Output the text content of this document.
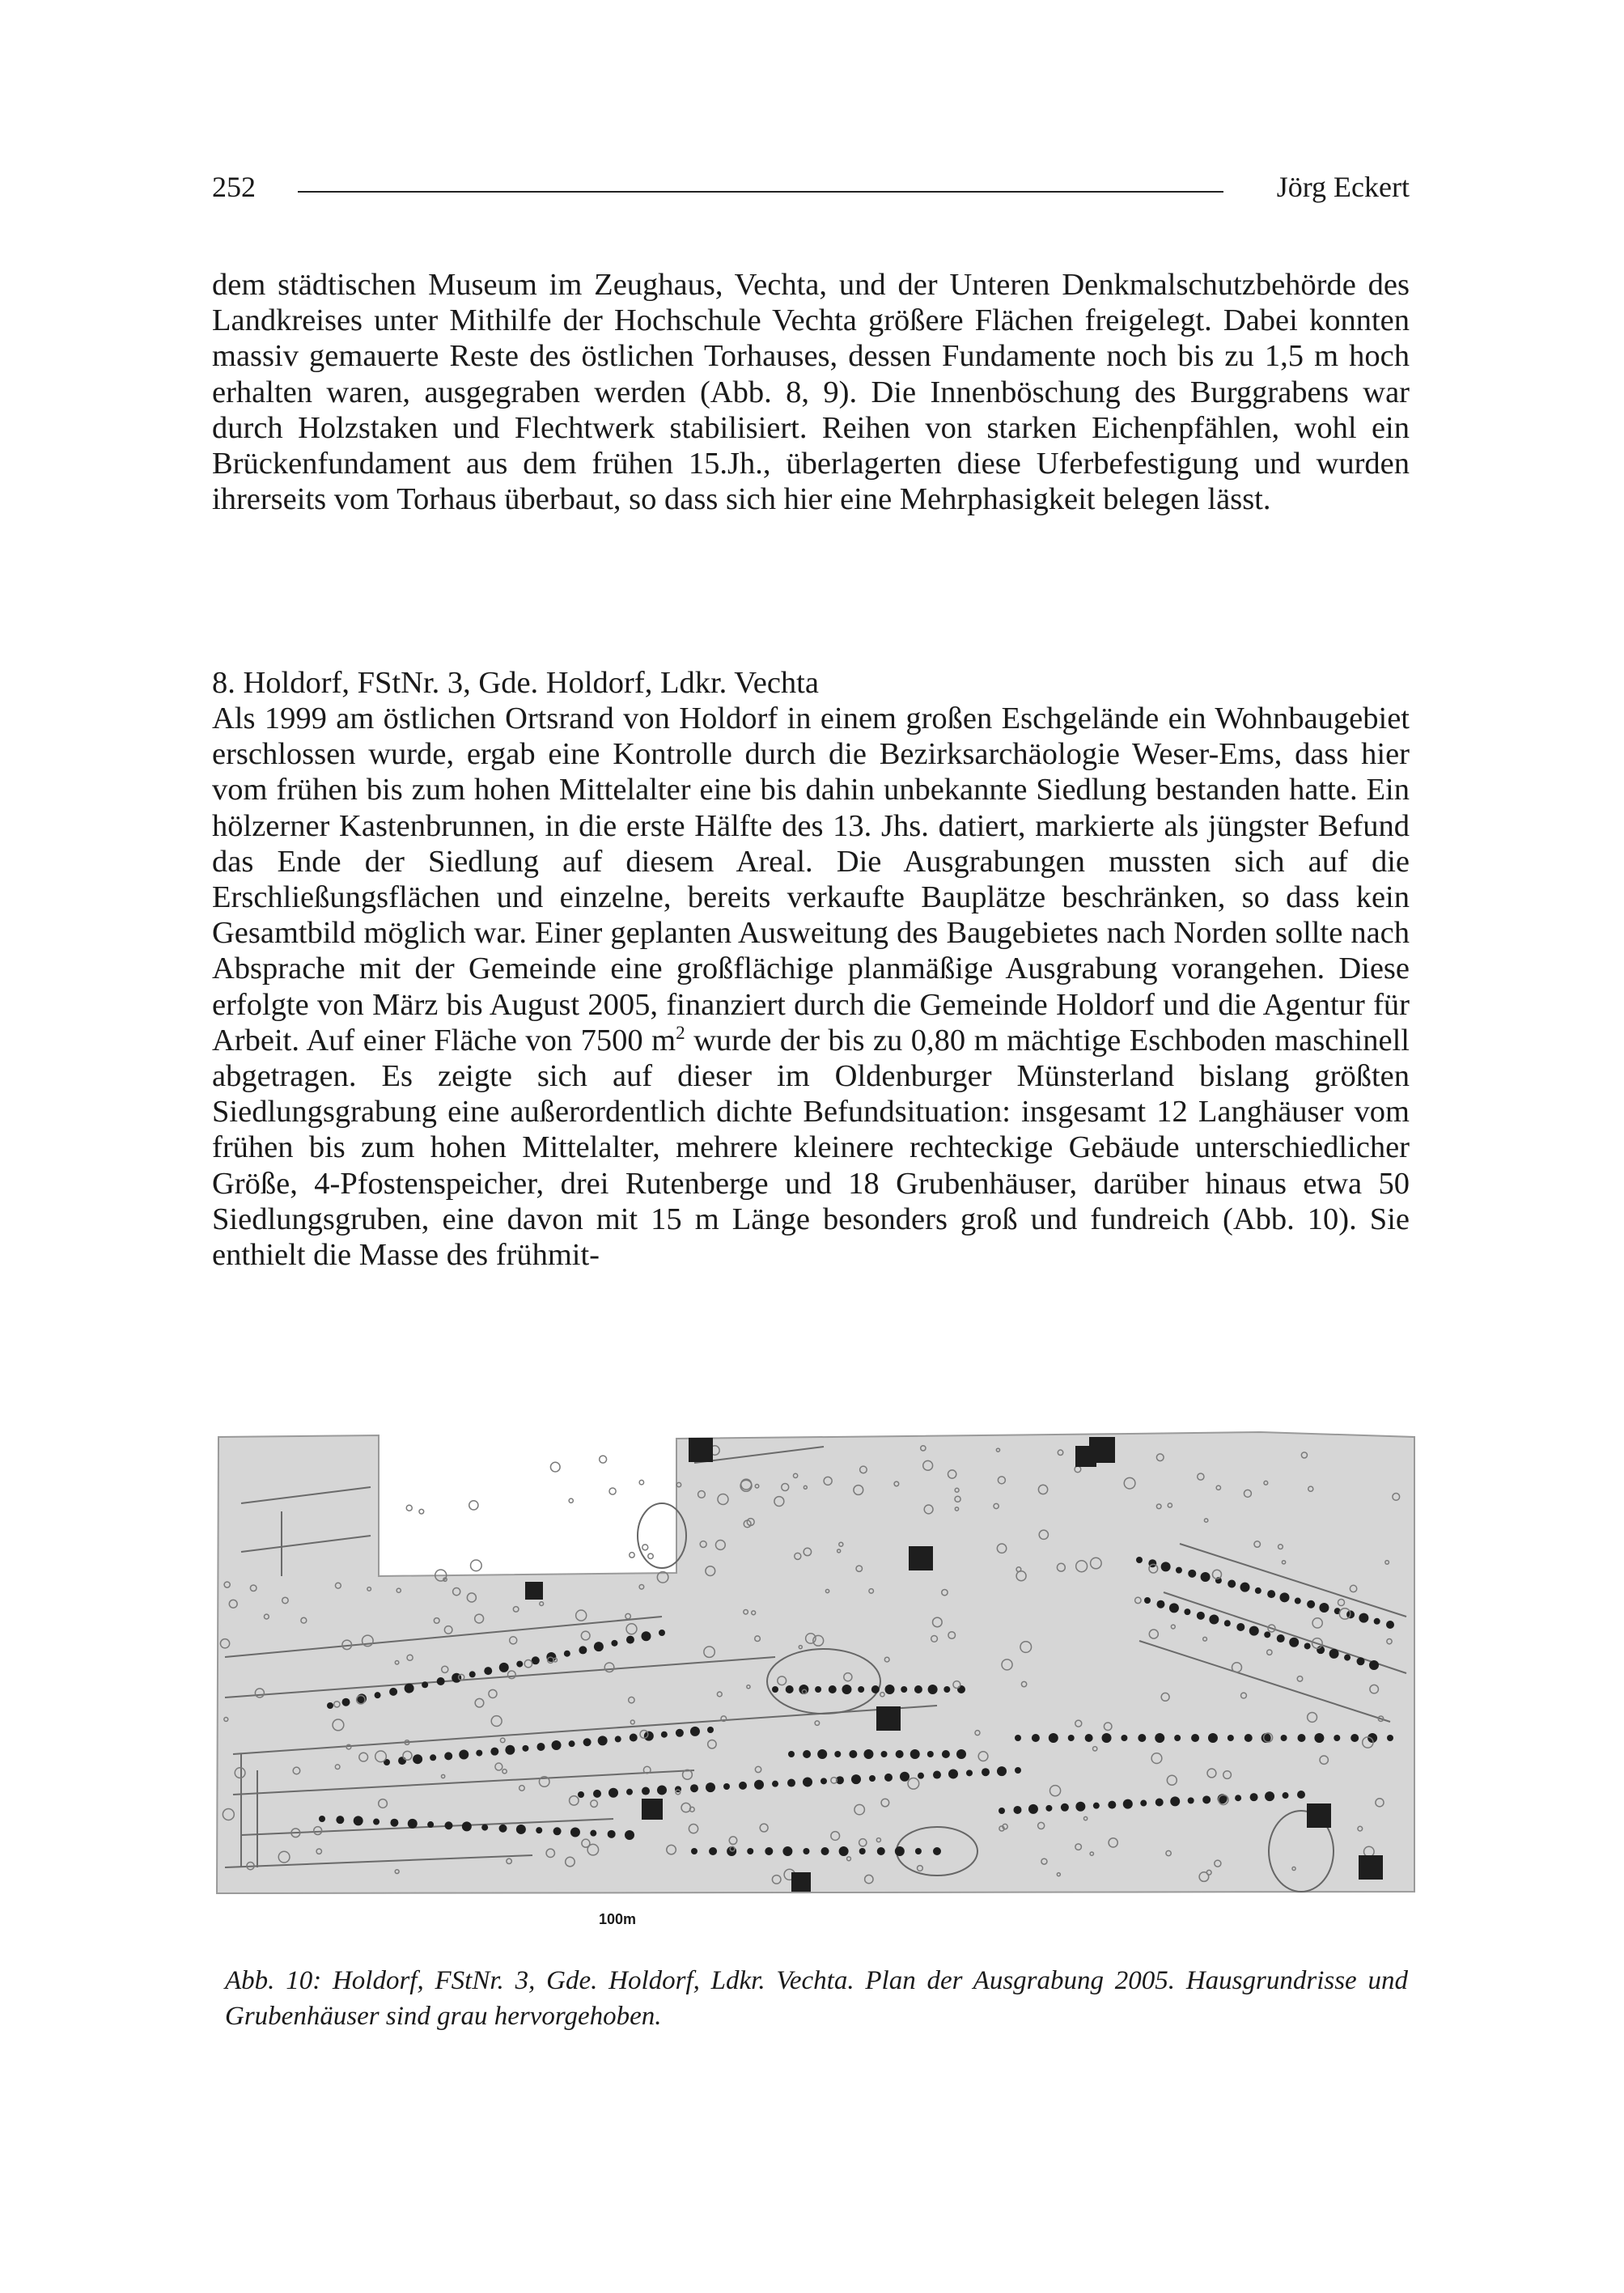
252	Jörg Eckert
dem städtischen Museum im Zeughaus, Vechta, und der Unteren Denkmalschutzbehörde des Landkreises unter Mithilfe der Hochschule Vechta größere Flächen freigelegt. Dabei konnten massiv gemauerte Reste des östlichen Torhauses, dessen Fundamente noch bis zu 1,5 m hoch erhalten waren, ausgegraben werden (Abb. 8, 9). Die Innenböschung des Burggrabens war durch Holzstaken und Flechtwerk stabilisiert. Reihen von starken Eichenpfählen, wohl ein Brückenfundament aus dem frühen 15.Jh., überlagerten diese Uferbefestigung und wurden ihrerseits vom Torhaus überbaut, so dass sich hier eine Mehrphasigkeit belegen lässt.
8. Holdorf, FStNr. 3, Gde. Holdorf, Ldkr. Vechta
Als 1999 am östlichen Ortsrand von Holdorf in einem großen Eschgelände ein Wohnbaugebiet erschlossen wurde, ergab eine Kontrolle durch die Bezirksarchäologie Weser-Ems, dass hier vom frühen bis zum hohen Mittelalter eine bis dahin unbekannte Siedlung bestanden hatte. Ein hölzerner Kastenbrunnen, in die erste Hälfte des 13. Jhs. datiert, markierte als jüngster Befund das Ende der Siedlung auf diesem Areal. Die Ausgrabungen mussten sich auf die Erschließungsflächen und einzelne, bereits verkaufte Bauplätze beschränken, so dass kein Gesamtbild möglich war. Einer geplanten Ausweitung des Baugebietes nach Norden sollte nach Absprache mit der Gemeinde eine großflächige planmäßige Ausgrabung vorangehen. Diese erfolgte von März bis August 2005, finanziert durch die Gemeinde Holdorf und die Agentur für Arbeit. Auf einer Fläche von 7500 $m^2$ wurde der bis zu 0,80 m mächtige Eschboden maschinell abgetragen. Es zeigte sich auf dieser im Oldenburger Münsterland bislang größten Siedlungsgrabung eine außerordentlich dichte Befundsituation: insgesamt 12 Langhäuser vom frühen bis zum hohen Mittelalter, mehrere kleinere rechteckige Gebäude unterschiedlicher Größe, 4-Pfostenspeicher, drei Rutenberge und 18 Grubenhäuser, darüber hinaus etwa 50 Siedlungsgruben, eine davon mit 15 m Länge besonders groß und fundreich (Abb. 10). Sie enthielt die Masse des frühmit-
100m
Abb. 10: Holdorf, FStNr. 3, Gde. Holdorf, Ldkr. Vechta. Plan der Ausgrabung 2005. Hausgrundrisse und Grubenhäuser sind grau hervorgehoben.
